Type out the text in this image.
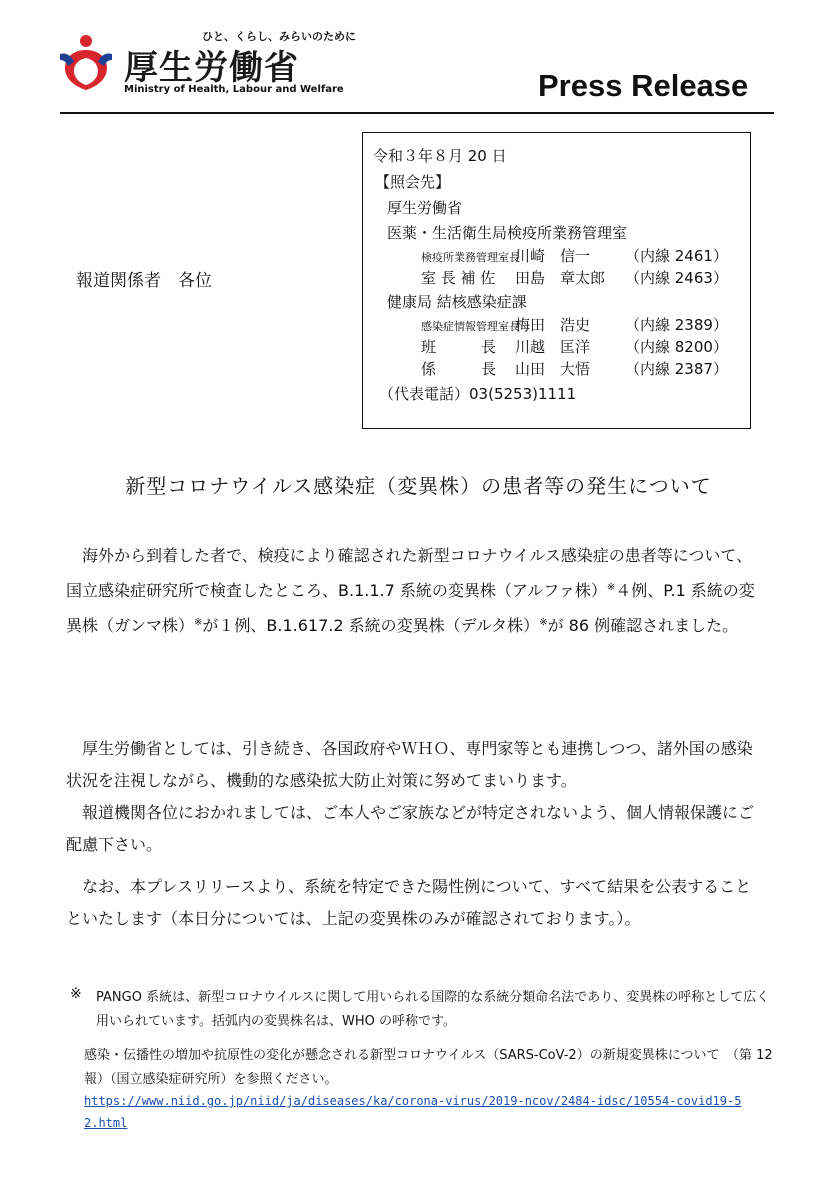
ひと、くらし、みらいのために
厚生労働省
Ministry of Health, Labour and Welfare	Press Release
報道関係者　各位
令和３年８月 20 日
【照会先】
厚生労働省
医薬・生活衛生局検疫所業務管理室
検疫所業務管理室長
川崎　信一 （内線 2461）
室 長 補 佐 田島　章太郎 （内線 2463）
健康局 結核感染症課
感染症情報管理室長
梅田　浩史 （内線 2389）
班　　　長 川越　匡洋 （内線 8200）
係　　　長 山田　大悟 （内線 2387）
（代表電話）03(5253)1111
新型コロナウイルス感染症（変異株）の患者等の発生について
海外から到着した者で、検疫により確認された新型コロナウイルス感染症の患者等について、国立感染症研究所で検査したところ、B.1.1.7 系統の変異株（アルファ株）※４例、P.1 系統の変異株（ガンマ株）※が１例、B.1.617.2 系統の変異株（デルタ株）※が 86 例確認されました。
厚生労働省としては、引き続き、各国政府やＷＨＯ、専門家等とも連携しつつ、諸外国の感染状況を注視しながら、機動的な感染拡大防止対策に努めてまいります。
報道機関各位におかれましては、ご本人やご家族などが特定されないよう、個人情報保護にご配慮下さい。
なお、本プレスリリースより、系統を特定できた陽性例について、すべて結果を公表することといたします（本日分については、上記の変異株のみが確認されております。）。
※ PANGO 系統は、新型コロナウイルスに関して用いられる国際的な系統分類命名法であり、変異株の呼称として広く用いられています。括弧内の変異株名は、WHO の呼称です。
感染・伝播性の増加や抗原性の変化が懸念される新型コロナウイルス（SARS-CoV-2）の新規変異株について　（第 12 報）（国立感染症研究所）を参照ください。
https://www.niid.go.jp/niid/ja/diseases/ka/corona-virus/2019-ncov/2484-idsc/10554-covid19-52.html
